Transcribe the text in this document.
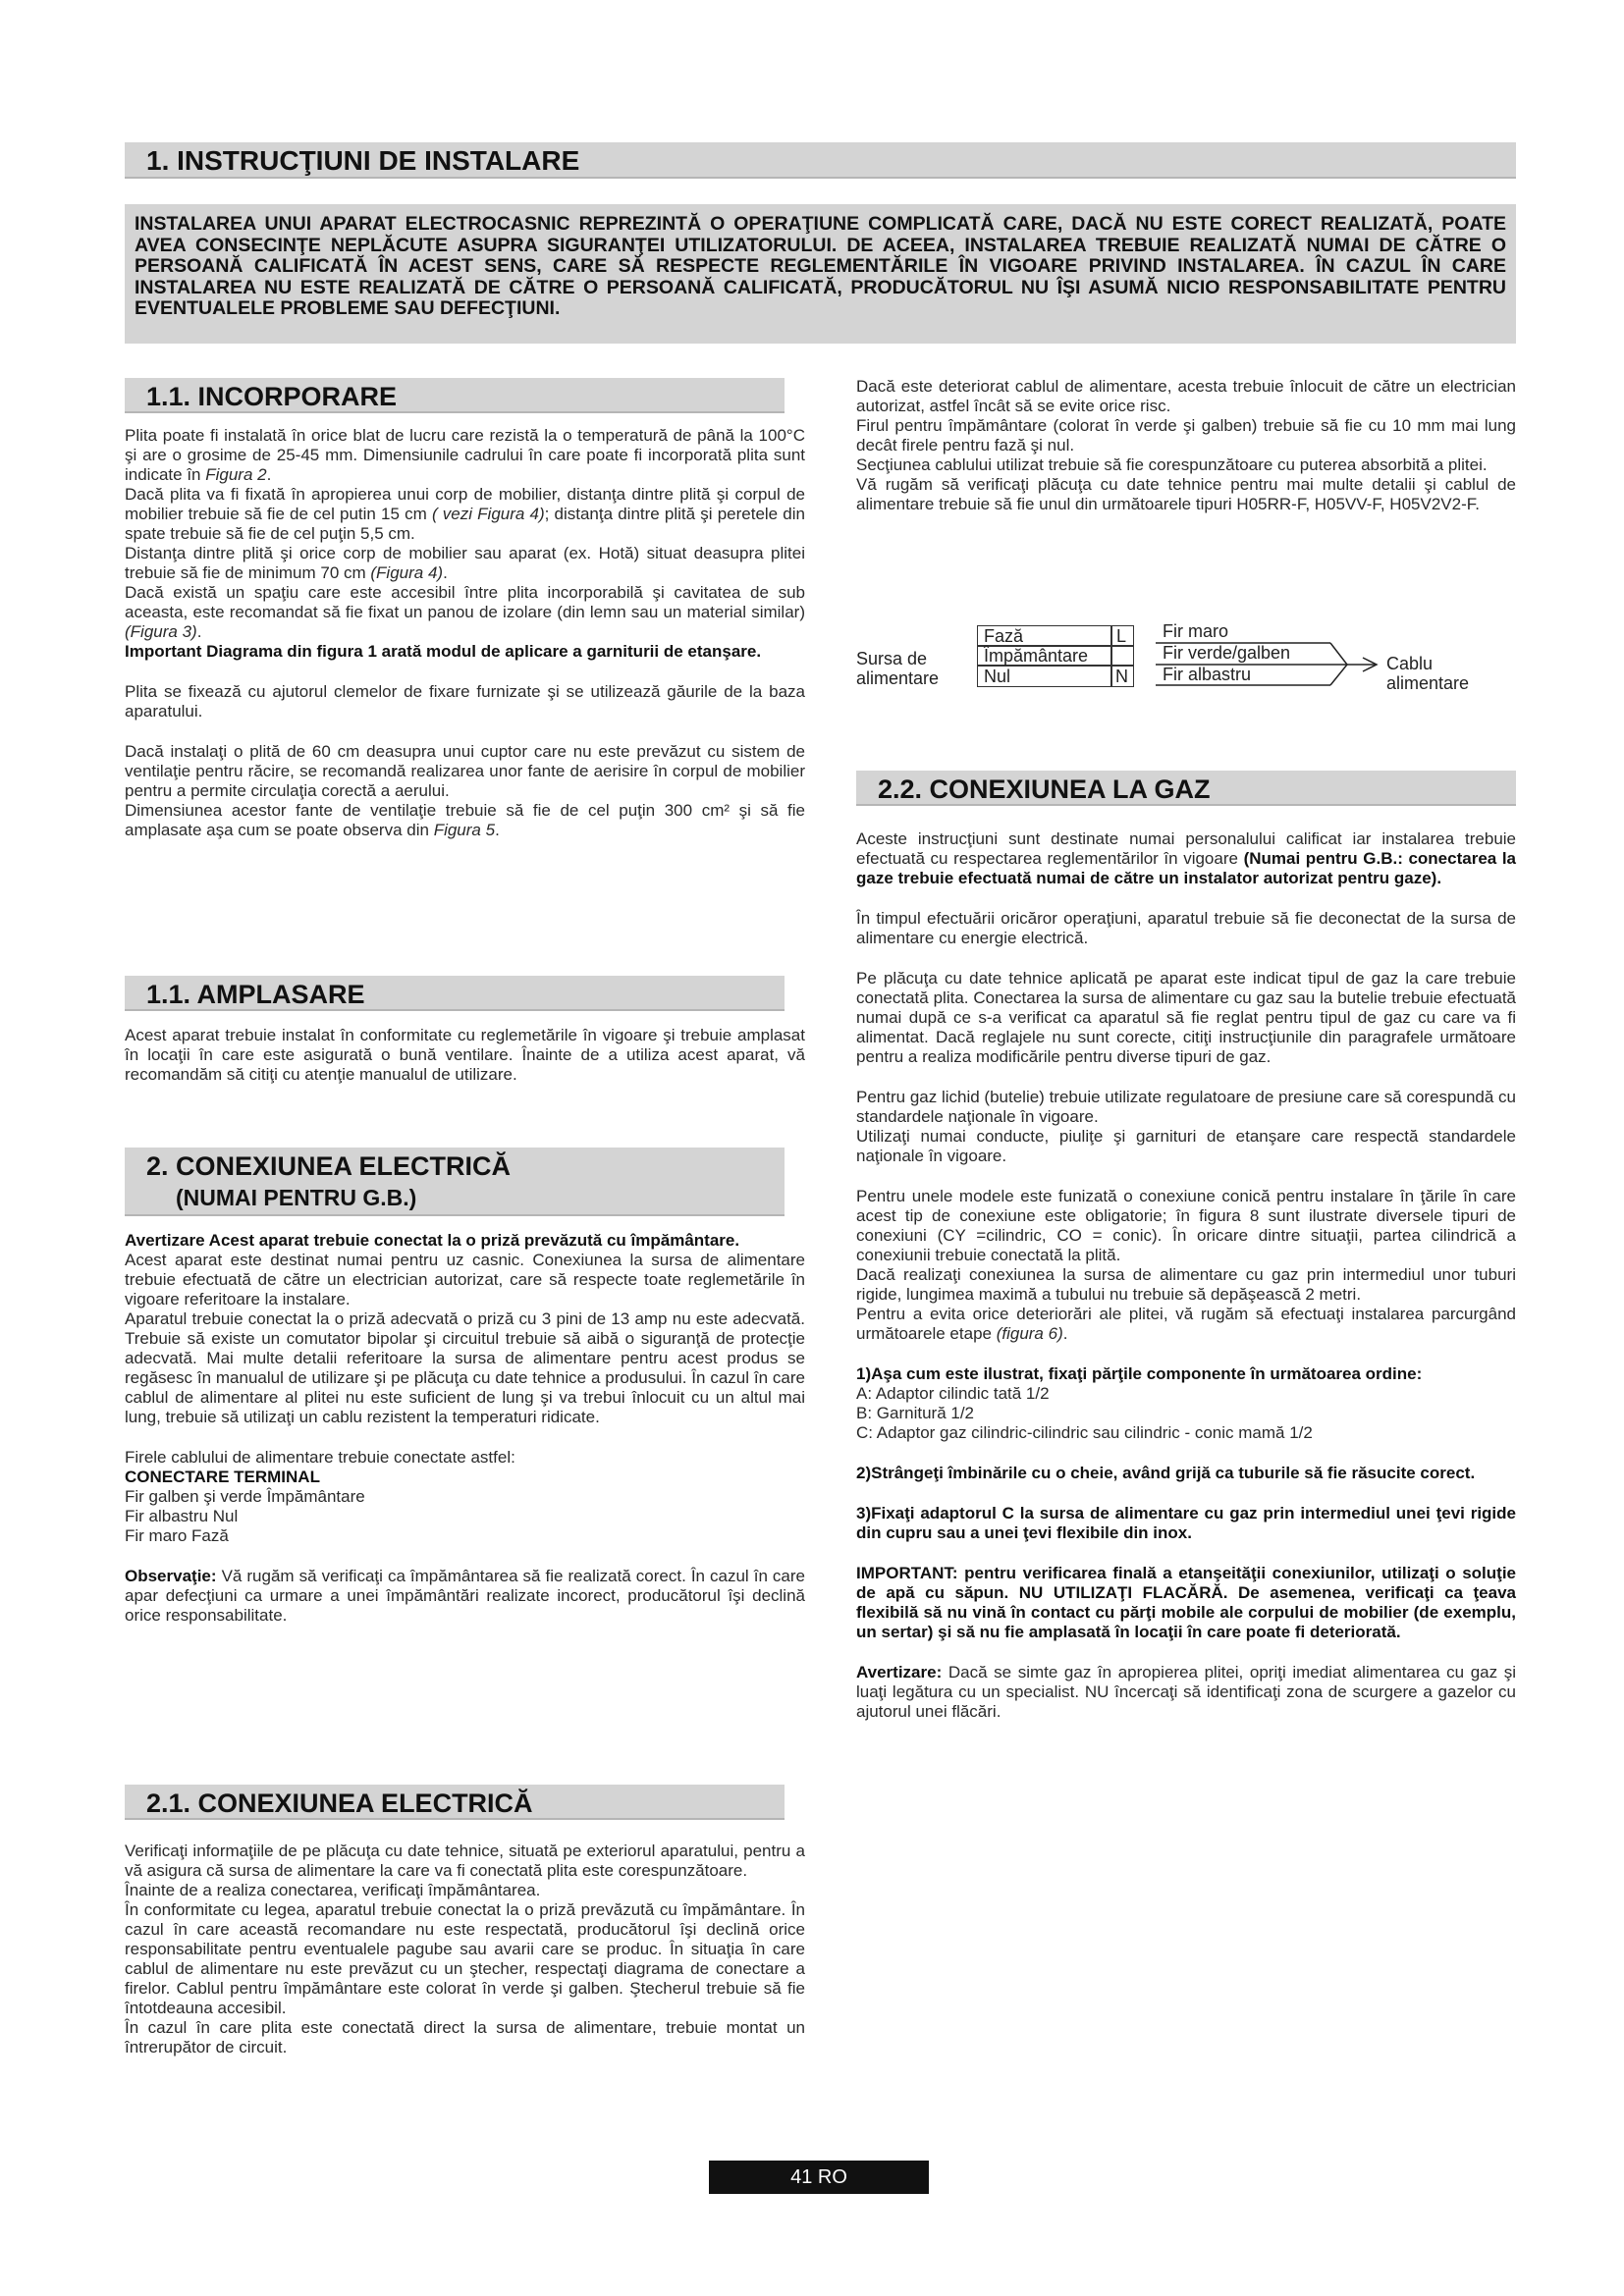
1. INSTRUCŢIUNI DE INSTALARE
INSTALAREA UNUI APARAT ELECTROCASNIC REPREZINTĂ O OPERAŢIUNE COMPLICATĂ CARE, DACĂ NU ESTE CORECT REALIZATĂ, POATE AVEA CONSECINŢE NEPLĂCUTE ASUPRA SIGURANŢEI UTILIZATORULUI. DE ACEEA, INSTALAREA TREBUIE REALIZATĂ NUMAI DE CĂTRE O PERSOANĂ CALIFICATĂ ÎN ACEST SENS, CARE SĂ RESPECTE REGLEMENTĂRILE ÎN VIGOARE PRIVIND INSTALAREA. ÎN CAZUL ÎN CARE INSTALAREA NU ESTE REALIZATĂ DE CĂTRE O PERSOANĂ CALIFICATĂ, PRODUCĂTORUL NU ÎŞI ASUMĂ NICIO RESPONSABILITATE PENTRU EVENTUALELE PROBLEME SAU DEFECŢIUNI.
1.1. INCORPORARE

Plita poate fi instalată în orice blat de lucru care rezistă la o temperatură de până la 100°C şi are o grosime de 25-45 mm. Dimensiunile cadrului în care poate fi incorporată plita sunt indicate în Figura 2.

Dacă plita va fi fixată în apropierea unui corp de mobilier, distanţa dintre plită şi corpul de mobilier trebuie să fie de cel putin 15 cm ( vezi Figura 4); distanţa dintre plită şi peretele din spate trebuie să fie de cel puţin 5,5 cm.

Distanţa dintre plită şi orice corp de mobilier sau aparat (ex. Hotă) situat deasupra plitei trebuie să fie de minimum 70 cm (Figura 4).

Dacă există un spaţiu care este accesibil între plita incorporabilă şi cavitatea de sub aceasta, este recomandat să fie fixat un panou de izolare (din lemn sau un material similar) (Figura 3).

Important Diagrama din figura 1 arată modul de aplicare a garniturii de etanşare.

Plita se fixează cu ajutorul clemelor de fixare furnizate şi se utilizează găurile de la baza aparatului.

Dacă instalaţi o plită de 60 cm deasupra unui cuptor care nu este prevăzut cu sistem de ventilaţie pentru răcire, se recomandă realizarea unor fante de aerisire în corpul de mobilier pentru a permite circulaţia corectă a aerului.

Dimensiunea acestor fante de ventilaţie trebuie să fie de cel puţin 300 cm² şi să fie amplasate aşa cum se poate observa din Figura 5.

1.1. AMPLASARE

Acest aparat trebuie instalat în conformitate cu reglemetările în vigoare şi trebuie amplasat în locaţii în care este asigurată o bună ventilare. Înainte de a utiliza acest aparat, vă recomandăm să citiţi cu atenţie manualul de utilizare.

2. CONEXIUNEA ELECTRICĂ
(NUMAI PENTRU G.B.)

Avertizare Acest aparat trebuie conectat la o priză prevăzută cu împământare.

Acest aparat este destinat numai pentru uz casnic. Conexiunea la sursa de alimentare trebuie efectuată de către un electrician autorizat, care să respecte toate reglemetările în vigoare referitoare la instalare.

Aparatul trebuie conectat la o priză adecvată o priză cu 3 pini de 13 amp nu este adecvată. Trebuie să existe un comutator bipolar şi circuitul trebuie să aibă o siguranţă de protecţie adecvată. Mai multe detalii referitoare la sursa de alimentare pentru acest produs se regăsesc în manualul de utilizare şi pe plăcuţa cu date tehnice a produsului. În cazul în care cablul de alimentare al plitei nu este suficient de lung şi va trebui înlocuit cu un altul mai lung, trebuie să utilizaţi un cablu rezistent la temperaturi ridicate.

Firele cablului de alimentare trebuie conectate astfel:

CONECTARE TERMINAL

Fir galben şi verde Împământare

Fir albastru Nul

Fir maro Fază

Observaţie: Vă rugăm să verificaţi ca împământarea să fie realizată corect. În cazul în care apar defecţiuni ca urmare a unei împământări realizate incorect, producătorul îşi declină orice responsabilitate.

2.1. CONEXIUNEA ELECTRICĂ

Verificaţi informaţiile de pe plăcuţa cu date tehnice, situată pe exteriorul aparatului, pentru a vă asigura că sursa de alimentare la care va fi conectată plita este corespunzătoare.

Înainte de a realiza conectarea, verificaţi împământarea.

În conformitate cu legea, aparatul trebuie conectat la o priză prevăzută cu împământare. În cazul în care această recomandare nu este respectată, producătorul îşi declină orice responsabilitate pentru eventualele pagube sau avarii care se produc. În situaţia în care cablul de alimentare nu este prevăzut cu un ştecher, respectaţi diagrama de conectare a firelor. Cablul pentru împământare este colorat în verde şi galben. Ştecherul trebuie să fie întotdeauna accesibil.

În cazul în care plita este conectată direct la sursa de alimentare, trebuie montat un întrerupător de circuit.

Dacă este deteriorat cablul de alimentare, acesta trebuie înlocuit de către un electrician autorizat, astfel încât să se evite orice risc.

Firul pentru împământare (colorat în verde şi galben) trebuie să fie cu 10 mm mai lung decât firele pentru fază şi nul.

Secţiunea cablului utilizat trebuie să fie corespunzătoare cu puterea absorbită a plitei.

Vă rugăm să verificaţi plăcuţa cu date tehnice pentru mai multe detalii şi cablul de alimentare trebuie să fie unul din următoarele tipuri H05RR-F, H05VV-F, H05V2V2-F.

Sursa de
alimentare
Fază	L
Împământare
Nul	N
Fir maro
Fir verde/galben
Fir albastru
Cablu
alimentare
2.2. CONEXIUNEA LA GAZ

Aceste instrucţiuni sunt destinate numai personalului calificat iar instalarea trebuie efectuată cu respectarea reglementărilor în vigoare (Numai pentru G.B.: conectarea la gaze trebuie efectuată numai de către un instalator autorizat pentru gaze).

În timpul efectuării oricăror operaţiuni, aparatul trebuie să fie deconectat de la sursa de alimentare cu energie electrică.

Pe plăcuţa cu date tehnice aplicată pe aparat este indicat tipul de gaz la care trebuie conectată plita. Conectarea la sursa de alimentare cu gaz sau la butelie trebuie efectuată numai după ce s-a verificat ca aparatul să fie reglat pentru tipul de gaz cu care va fi alimentat. Dacă reglajele nu sunt corecte, citiţi instrucţiunile din paragrafele următoare pentru a realiza modificările pentru diverse tipuri de gaz.

Pentru gaz lichid (butelie) trebuie utilizate regulatoare de presiune care să corespundă cu standardele naţionale în vigoare.

Utilizaţi numai conducte, piuliţe şi garnituri de etanşare care respectă standardele naţionale în vigoare.

Pentru unele modele este funizată o conexiune conică pentru instalare în ţările în care acest tip de conexiune este obligatorie; în figura 8 sunt ilustrate diversele tipuri de conexiuni (CY =cilindric, CO = conic). În oricare dintre situaţii, partea cilindrică a conexiunii trebuie conectată la plită.

Dacă realizaţi conexiunea la sursa de alimentare cu gaz prin intermediul unor tuburi rigide, lungimea maximă a tubului nu trebuie să depăşească 2 metri.

Pentru a evita orice deteriorări ale plitei, vă rugăm să efectuaţi instalarea parcurgând următoarele etape (figura 6).

1)Aşa cum este ilustrat, fixaţi părţile componente în următoarea ordine:

A: Adaptor cilindic tată 1/2

B: Garnitură 1/2

C: Adaptor gaz cilindric-cilindric sau cilindric - conic mamă 1/2

2)Strângeţi îmbinările cu o cheie, având grijă ca tuburile să fie răsucite corect.

3)Fixaţi adaptorul C la sursa de alimentare cu gaz prin intermediul unei ţevi rigide din cupru sau a unei ţevi flexibile din inox.

IMPORTANT: pentru verificarea finală a etanşeităţii conexiunilor, utilizaţi o soluţie de apă cu săpun. NU UTILIZAŢI FLACĂRĂ. De asemenea, verificaţi ca ţeava flexibilă să nu vină în contact cu părţi mobile ale corpului de mobilier (de exemplu, un sertar) şi să nu fie amplasată în locaţii în care poate fi deteriorată.

Avertizare: Dacă se simte gaz în apropierea plitei, opriţi imediat alimentarea cu gaz şi luaţi legătura cu un specialist. NU încercaţi să identificaţi zona de scurgere a gazelor cu ajutorul unei flăcări.

41 RO
